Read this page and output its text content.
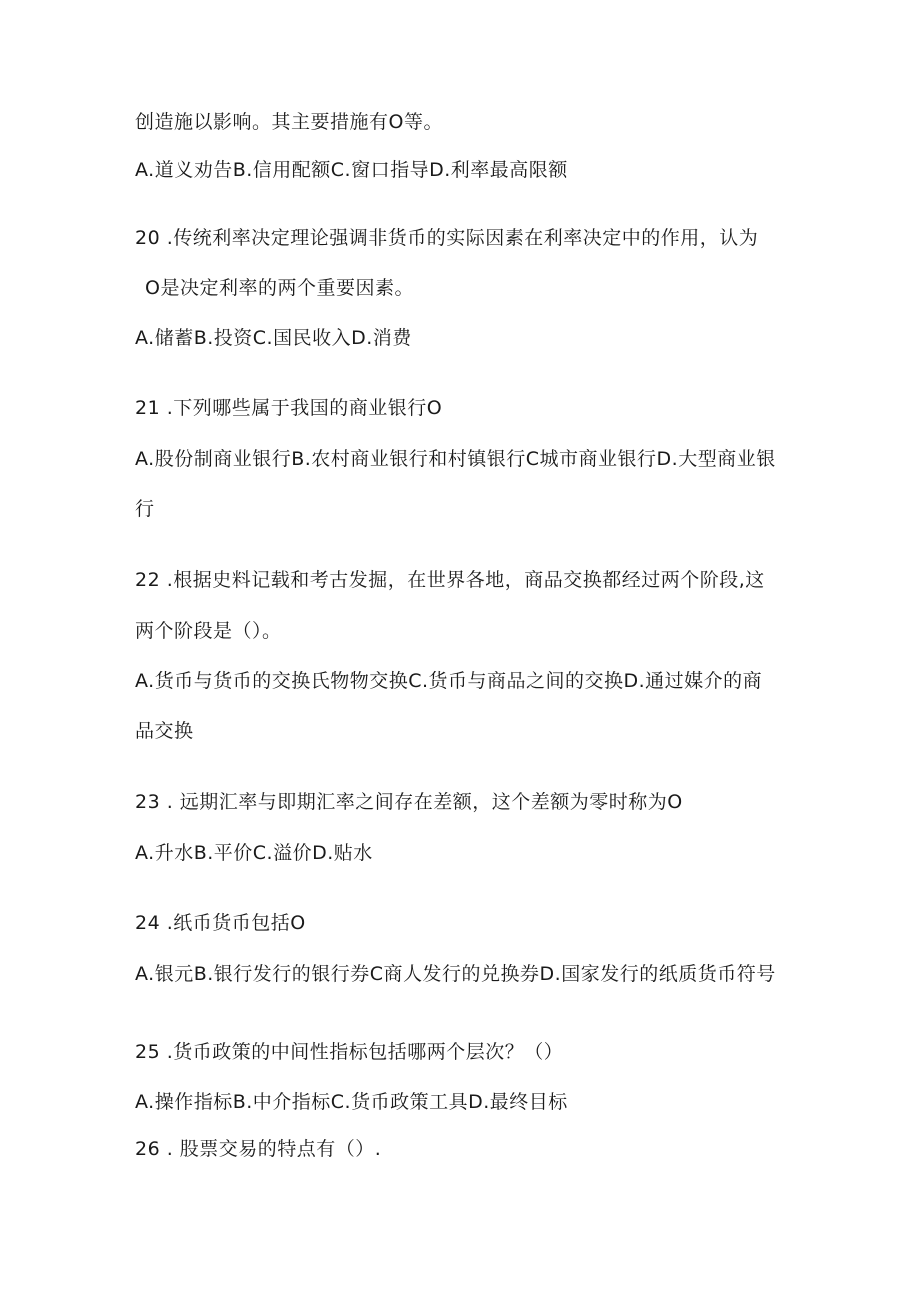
创造施以影响。其主要措施有O等。
A.道义劝告B.信用配额C.窗口指导D.利率最高限额
20 .传统利率决定理论强调非货币的实际因素在利率决定中的作用，认为
O是决定利率的两个重要因素。
A.储蓄B.投资C.国民收入D.消费
21 .下列哪些属于我国的商业银行O
A.股份制商业银行B.农村商业银行和村镇银行C城市商业银行D.大型商业银
行
22 .根据史料记载和考古发掘，在世界各地，商品交换都经过两个阶段,这
两个阶段是（）。
A.货币与货币的交换氏物物交换C.货币与商品之间的交换D.通过媒介的商
品交换
23 . 远期汇率与即期汇率之间存在差额，这个差额为零时称为O
A.升水B.平价C.溢价D.贴水
24 .纸币货币包括O
A.银元B.银行发行的银行券C商人发行的兑换券D.国家发行的纸质货币符号
25 .货币政策的中间性指标包括哪两个层次？（）
A.操作指标B.中介指标C.货币政策工具D.最终目标
26 . 股票交易的特点有（）.
